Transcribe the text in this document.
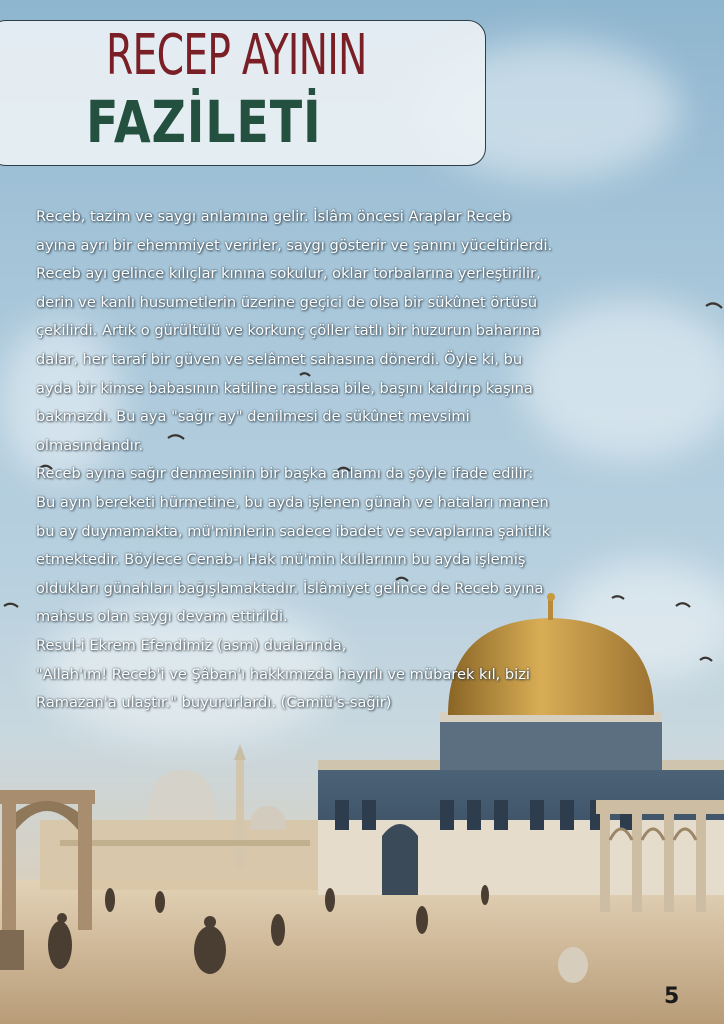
RECEP AYININ
FAZİLETİ

Receb, tazim ve saygı anlamına gelir. İslâm öncesi Araplar Receb

ayına ayrı bir ehemmiyet verirler, saygı gösterir ve şanını yüceltirlerdi.

Receb ayı gelince kılıçlar kınına sokulur, oklar torbalarına yerleştirilir,

derin ve kanlı husumetlerin üzerine geçici de olsa bir sükûnet örtüsü

çekilirdi. Artık o gürültülü ve korkunç çöller tatlı bir huzurun baharına

dalar, her taraf bir güven ve selâmet sahasına dönerdi. Öyle ki, bu

ayda bir kimse babasının katiline rastlasa bile, başını kaldırıp kaşına

bakmazdı. Bu aya "sağır ay" denilmesi de sükûnet mevsimi

olmasındandır.

Receb ayına sağır denmesinin bir başka anlamı da şöyle ifade edilir:

Bu ayın bereketi hürmetine, bu ayda işlenen günah ve hataları manen

bu ay duymamakta, mü'minlerin sadece ibadet ve sevaplarına şahitlik

etmektedir. Böylece Cenab-ı Hak mü'min kullarının bu ayda işlemiş

oldukları günahları bağışlamaktadır. İslâmiyet gelince de Receb ayına

mahsus olan saygı devam ettirildi.

Resul-i Ekrem Efendimiz (asm) dualarında,

"Allah'ım! Receb'i ve Şâban'ı hakkımızda hayırlı ve mübarek kıl, bizi

Ramazan'a ulaştır." buyururlardı. (Camiü's-sağir)

5
